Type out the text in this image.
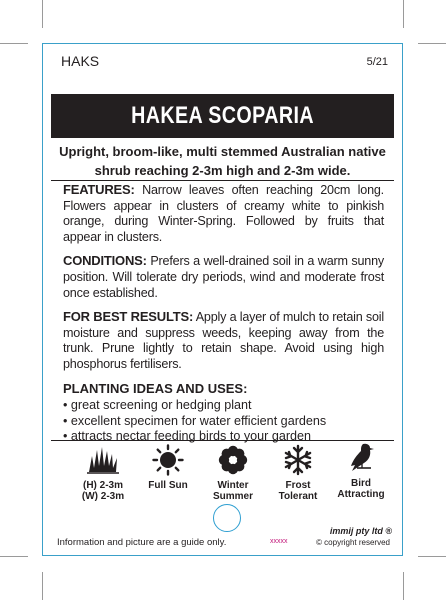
HAKS	5/21
HAKEA SCOPARIA
Upright, broom-like, multi stemmed Australian native shrub reaching 2-3m high and 2-3m wide.

FEATURES: Narrow leaves often reaching 20cm long. Flowers appear in clusters of creamy white to pinkish orange, during Winter-Spring. Followed by fruits that appear in clusters.

CONDITIONS: Prefers a well-drained soil in a warm sunny position. Will tolerate dry periods, wind and moderate frost once established.

FOR BEST RESULTS: Apply a layer of mulch to retain soil moisture and suppress weeds, keeping away from the trunk. Prune lightly to retain shape. Avoid using high phosphorus fertilisers.

PLANTING IDEAS AND USES:
• great screening or hedging plant
• excellent specimen for water efficient gardens
• attracts nectar feeding birds to your garden
(H) 2-3m
(W) 2-3m
Full Sun	Winter
Summer
Frost
Tolerant
Bird
Attracting
immij pty ltd ®
© copyright reserved
Information and picture are a guide only.	xxxxx
